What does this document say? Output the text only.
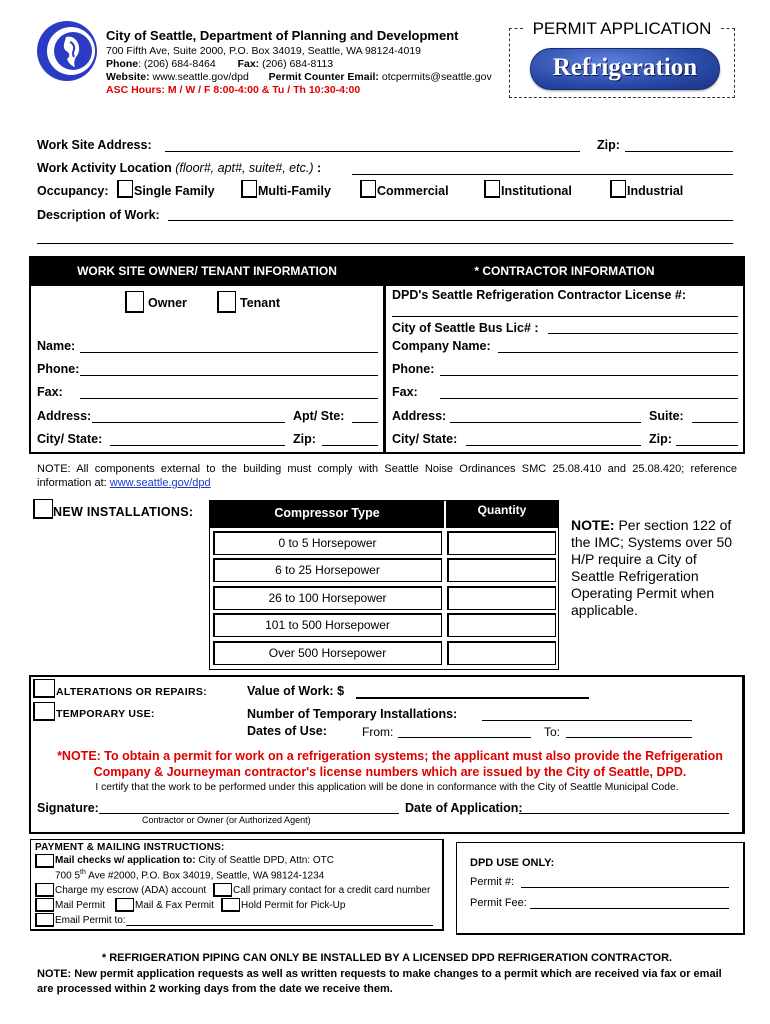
City of Seattle, Department of Planning and Development
700 Fifth Ave, Suite 2000, P.O. Box 34019, Seattle, WA 98124-4019
Phone: (206) 684-8464 Fax: (206) 684-8113
Website: www.seattle.gov/dpd Permit Counter Email: otcpermits@seattle.gov
ASC Hours: M / W / F 8:00-4:00 & Tu / Th 10:30-4:00
PERMIT APPLICATION
Refrigeration
Work Site Address:	Zip:
Work Activity Location (floor#, apt#, suite#, etc.) :
Occupancy: Single Family	Multi-Family	Commercial	Institutional	Industrial
Description of Work:
WORK SITE OWNER/ TENANT INFORMATION	* CONTRACTOR INFORMATION
Owner	Tenant
Name:
Phone:
Fax:
Address:	Apt/ Ste:
City/ State:	Zip:
DPD's Seattle Refrigeration Contractor License #:
City of Seattle Bus Lic# :
Company Name:
Phone:
Fax:
Address:	Suite:
City/ State:	Zip:
NOTE: All components external to the building must comply with Seattle Noise Ordinances SMC 25.08.410 and 25.08.420; reference information at: www.seattle.gov/dpd
NEW INSTALLATIONS:	Compressor Type	Quantity
0 to 5 Horsepower
6 to 25 Horsepower
26 to 100 Horsepower
101 to 500 Horsepower
Over 500 Horsepower
NOTE: Per section 122 of the IMC; Systems over 50 H/P require a City of Seattle Refrigeration Operating Permit when applicable.
ALTERATIONS OR REPAIRS:
TEMPORARY USE:
Value of Work: $
Number of Temporary Installations:
Dates of Use:	From:	To:
*NOTE: To obtain a permit for work on a refrigeration systems; the applicant must also provide the Refrigeration Company & Journeyman contractor's license numbers which are issued by the City of Seattle, DPD.
I certify that the work to be performed under this application will be done in conformance with the City of Seattle Municipal Code.
Signature:	Date of Application:
Contractor or Owner (or Authorized Agent)
PAYMENT & MAILING INSTRUCTIONS:
Mail checks w/ application to: City of Seattle DPD, Attn: OTC
700 5th Ave #2000, P.O. Box 34019, Seattle, WA 98124-1234
Charge my escrow (ADA) account	Call primary contact for a credit card number
Mail Permit	Mail & Fax Permit	Hold Permit for Pick-Up
Email Permit to:
DPD USE ONLY:
Permit #:
Permit Fee:
* REFRIGERATION PIPING CAN ONLY BE INSTALLED BY A LICENSED DPD REFRIGERATION CONTRACTOR.
NOTE: New permit application requests as well as written requests to make changes to a permit which are received via fax or email are processed within 2 working days from the date we receive them.
